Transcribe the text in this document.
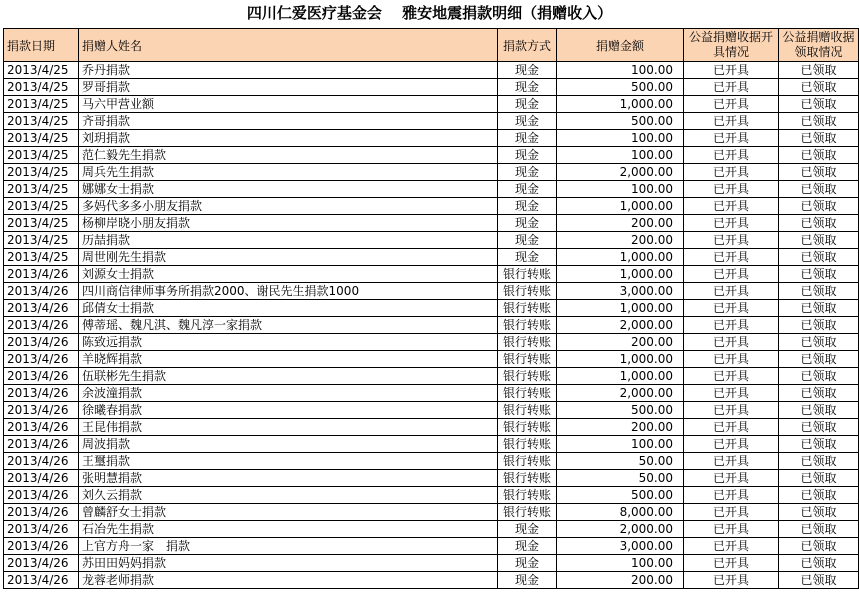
四川仁爱医疗基金会　 雅安地震捐款明细（捐赠收入）
捐款日期	捐赠人姓名	捐款方式	捐赠金额	公益捐赠收据开具情况	公益捐赠收据领取情况
2013/4/25	乔丹捐款	现金	100.00	已开具	已领取
2013/4/25	罗哥捐款	现金	500.00	已开具	已领取
2013/4/25	马六甲营业额	现金	1,000.00	已开具	已领取
2013/4/25	齐哥捐款	现金	500.00	已开具	已领取
2013/4/25	刘玥捐款	现金	100.00	已开具	已领取
2013/4/25	范仁毅先生捐款	现金	100.00	已开具	已领取
2013/4/25	周兵先生捐款	现金	2,000.00	已开具	已领取
2013/4/25	娜娜女士捐款	现金	100.00	已开具	已领取
2013/4/25	多妈代多多小朋友捐款	现金	1,000.00	已开具	已领取
2013/4/25	杨柳岸晓小朋友捐款	现金	200.00	已开具	已领取
2013/4/25	历喆捐款	现金	200.00	已开具	已领取
2013/4/25	周世刚先生捐款	现金	1,000.00	已开具	已领取
2013/4/26	刘源女士捐款	银行转账	1,000.00	已开具	已领取
2013/4/26	四川商信律师事务所捐款2000、谢民先生捐款1000	银行转账	3,000.00	已开具	已领取
2013/4/26	邱倩女士捐款	银行转账	1,000.00	已开具	已领取
2013/4/26	傅蒂瑶、魏凡淇、魏凡淳一家捐款	银行转账	2,000.00	已开具	已领取
2013/4/26	陈致远捐款	银行转账	200.00	已开具	已领取
2013/4/26	羊晓辉捐款	银行转账	1,000.00	已开具	已领取
2013/4/26	伍联彬先生捐款	银行转账	1,000.00	已开具	已领取
2013/4/26	余波潼捐款	银行转账	2,000.00	已开具	已领取
2013/4/26	徐曦春捐款	银行转账	500.00	已开具	已领取
2013/4/26	王昆伟捐款	银行转账	200.00	已开具	已领取
2013/4/26	周波捐款	银行转账	100.00	已开具	已领取
2013/4/26	王璽捐款	银行转账	50.00	已开具	已领取
2013/4/26	张明慧捐款	银行转账	50.00	已开具	已领取
2013/4/26	刘久云捐款	银行转账	500.00	已开具	已领取
2013/4/26	曾麟舒女士捐款	银行转账	8,000.00	已开具	已领取
2013/4/26	石冶先生捐款	现金	2,000.00	已开具	已领取
2013/4/26	上官方舟一家　捐款	现金	3,000.00	已开具	已领取
2013/4/26	苏田田妈妈捐款	现金	100.00	已开具	已领取
2013/4/26	龙蓉老师捐款	现金	200.00	已开具	已领取
